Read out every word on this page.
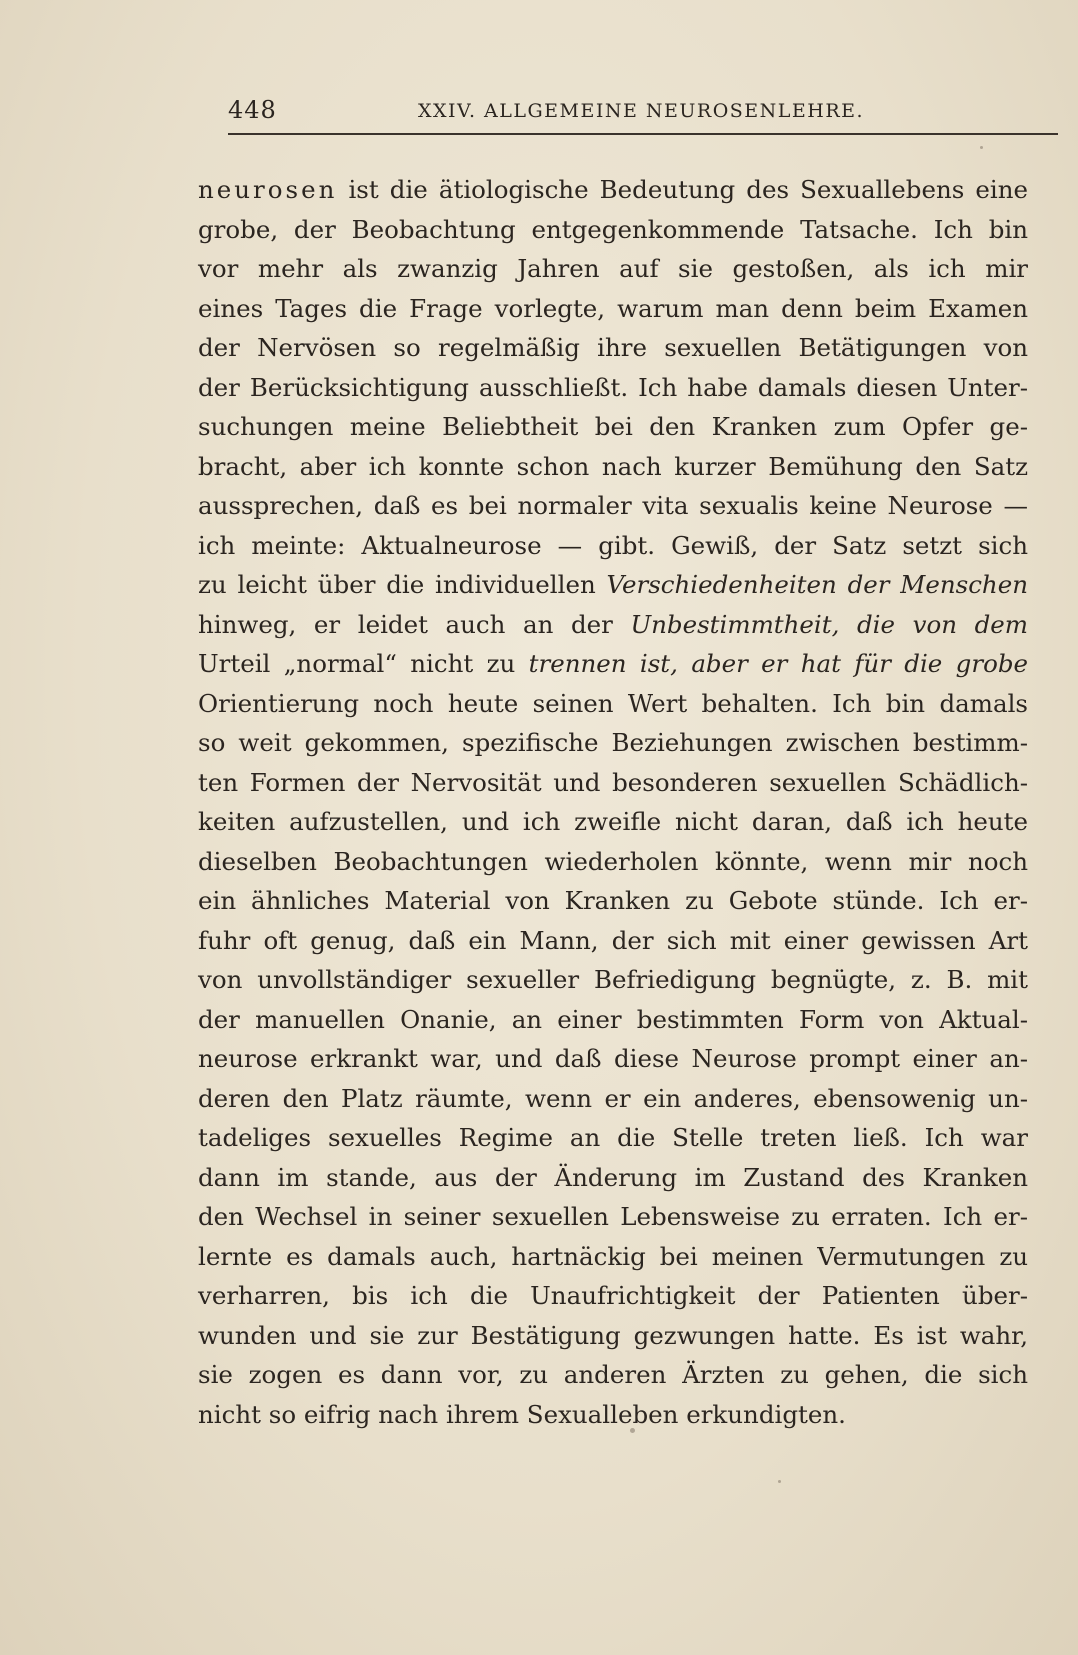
448	XXIV. ALLGEMEINE NEUROSENLEHRE.
neurosen ist die ätiologische Bedeutung des Sexuallebens eine
grobe, der Beobachtung entgegenkommende Tatsache. Ich bin
vor mehr als zwanzig Jahren auf sie gestoßen, als ich mir
eines Tages die Frage vorlegte, warum man denn beim Examen
der Nervösen so regelmäßig ihre sexuellen Betätigungen von
der Berücksichtigung ausschließt. Ich habe damals diesen Unter-
suchungen meine Beliebtheit bei den Kranken zum Opfer ge-
bracht, aber ich konnte schon nach kurzer Bemühung den Satz
aussprechen, daß es bei normaler vita sexualis keine Neurose —
ich meinte: Aktualneurose — gibt. Gewiß, der Satz setzt sich
zu leicht über die individuellen Verschiedenheiten der Menschen
hinweg, er leidet auch an der Unbestimmtheit, die von dem
Urteil „normal“ nicht zu trennen ist, aber er hat für die grobe
Orientierung noch heute seinen Wert behalten. Ich bin damals
so weit gekommen, spezifische Beziehungen zwischen bestimm-
ten Formen der Nervosität und besonderen sexuellen Schädlich-
keiten aufzustellen, und ich zweifle nicht daran, daß ich heute
dieselben Beobachtungen wiederholen könnte, wenn mir noch
ein ähnliches Material von Kranken zu Gebote stünde. Ich er-
fuhr oft genug, daß ein Mann, der sich mit einer gewissen Art
von unvollständiger sexueller Befriedigung begnügte, z. B. mit
der manuellen Onanie, an einer bestimmten Form von Aktual-
neurose erkrankt war, und daß diese Neurose prompt einer an-
deren den Platz räumte, wenn er ein anderes, ebensowenig un-
tadeliges sexuelles Regime an die Stelle treten ließ. Ich war
dann im stande, aus der Änderung im Zustand des Kranken
den Wechsel in seiner sexuellen Lebensweise zu erraten. Ich er-
lernte es damals auch, hartnäckig bei meinen Vermutungen zu
verharren, bis ich die Unaufrichtigkeit der Patienten über-
wunden und sie zur Bestätigung gezwungen hatte. Es ist wahr,
sie zogen es dann vor, zu anderen Ärzten zu gehen, die sich
nicht so eifrig nach ihrem Sexualleben erkundigten.
